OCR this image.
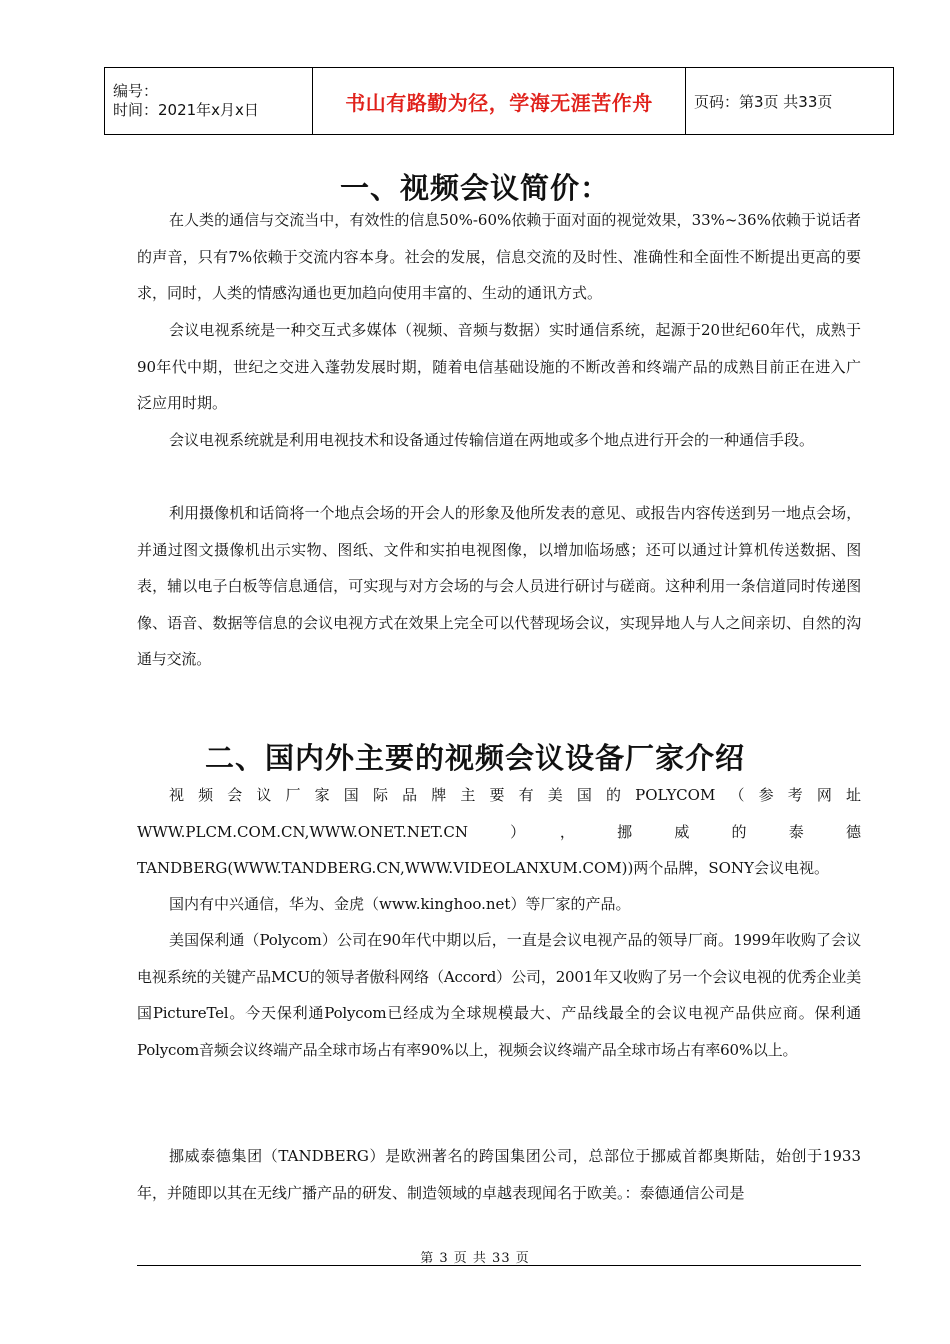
编号：
时间：2021年x月x日	书山有路勤为径，学海无涯苦作舟	页码：第3页 共33页
一、视频会议简价：

在人类的通信与交流当中，有效性的信息50%-60%依赖于面对面的视觉效果，33%~36%依赖于说话者的声音，只有7%依赖于交流内容本身。社会的发展，信息交流的及时性、准确性和全面性不断提出更高的要求，同时，人类的情感沟通也更加趋向使用丰富的、生动的通讯方式。

会议电视系统是一种交互式多媒体（视频、音频与数据）实时通信系统，起源于20世纪60年代，成熟于90年代中期，世纪之交进入蓬勃发展时期，随着电信基础设施的不断改善和终端产品的成熟目前正在进入广泛应用时期。

会议电视系统就是利用电视技术和设备通过传输信道在两地或多个地点进行开会的一种通信手段。

利用摄像机和话筒将一个地点会场的开会人的形象及他所发表的意见、或报告内容传送到另一地点会场，并通过图文摄像机出示实物、图纸、文件和实拍电视图像，以增加临场感；还可以通过计算机传送数据、图表，辅以电子白板等信息通信，可实现与对方会场的与会人员进行研讨与磋商。这种利用一条信道同时传递图像、语音、数据等信息的会议电视方式在效果上完全可以代替现场会议，实现异地人与人之间亲切、自然的沟通与交流。

二、国内外主要的视频会议设备厂家介绍

视频会议厂家国际品牌主要有美国的POLYCOM（参考网址WWW.PLCM.COM.CN,WWW.ONET.NET.CN），挪威的泰德TANDBERG(WWW.TANDBERG.CN,WWW.VIDEOLANXUM.COM))两个品牌，SONY会议电视。

国内有中兴通信，华为、金虎（www.kinghoo.net）等厂家的产品。

美国保利通（Polycom）公司在90年代中期以后，一直是会议电视产品的领导厂商。1999年收购了会议电视系统的关键产品MCU的领导者傲科网络（Accord）公司，2001年又收购了另一个会议电视的优秀企业美国PictureTel。今天保利通Polycom已经成为全球规模最大、产品线最全的会议电视产品供应商。保利通Polycom音频会议终端产品全球市场占有率90%以上，视频会议终端产品全球市场占有率60%以上。

挪威泰德集团（TANDBERG）是欧洲著名的跨国集团公司，总部位于挪威首都奥斯陆，始创于1933年，并随即以其在无线广播产品的研发、制造领域的卓越表现闻名于欧美。：泰德通信公司是

第 3 页 共 33 页
